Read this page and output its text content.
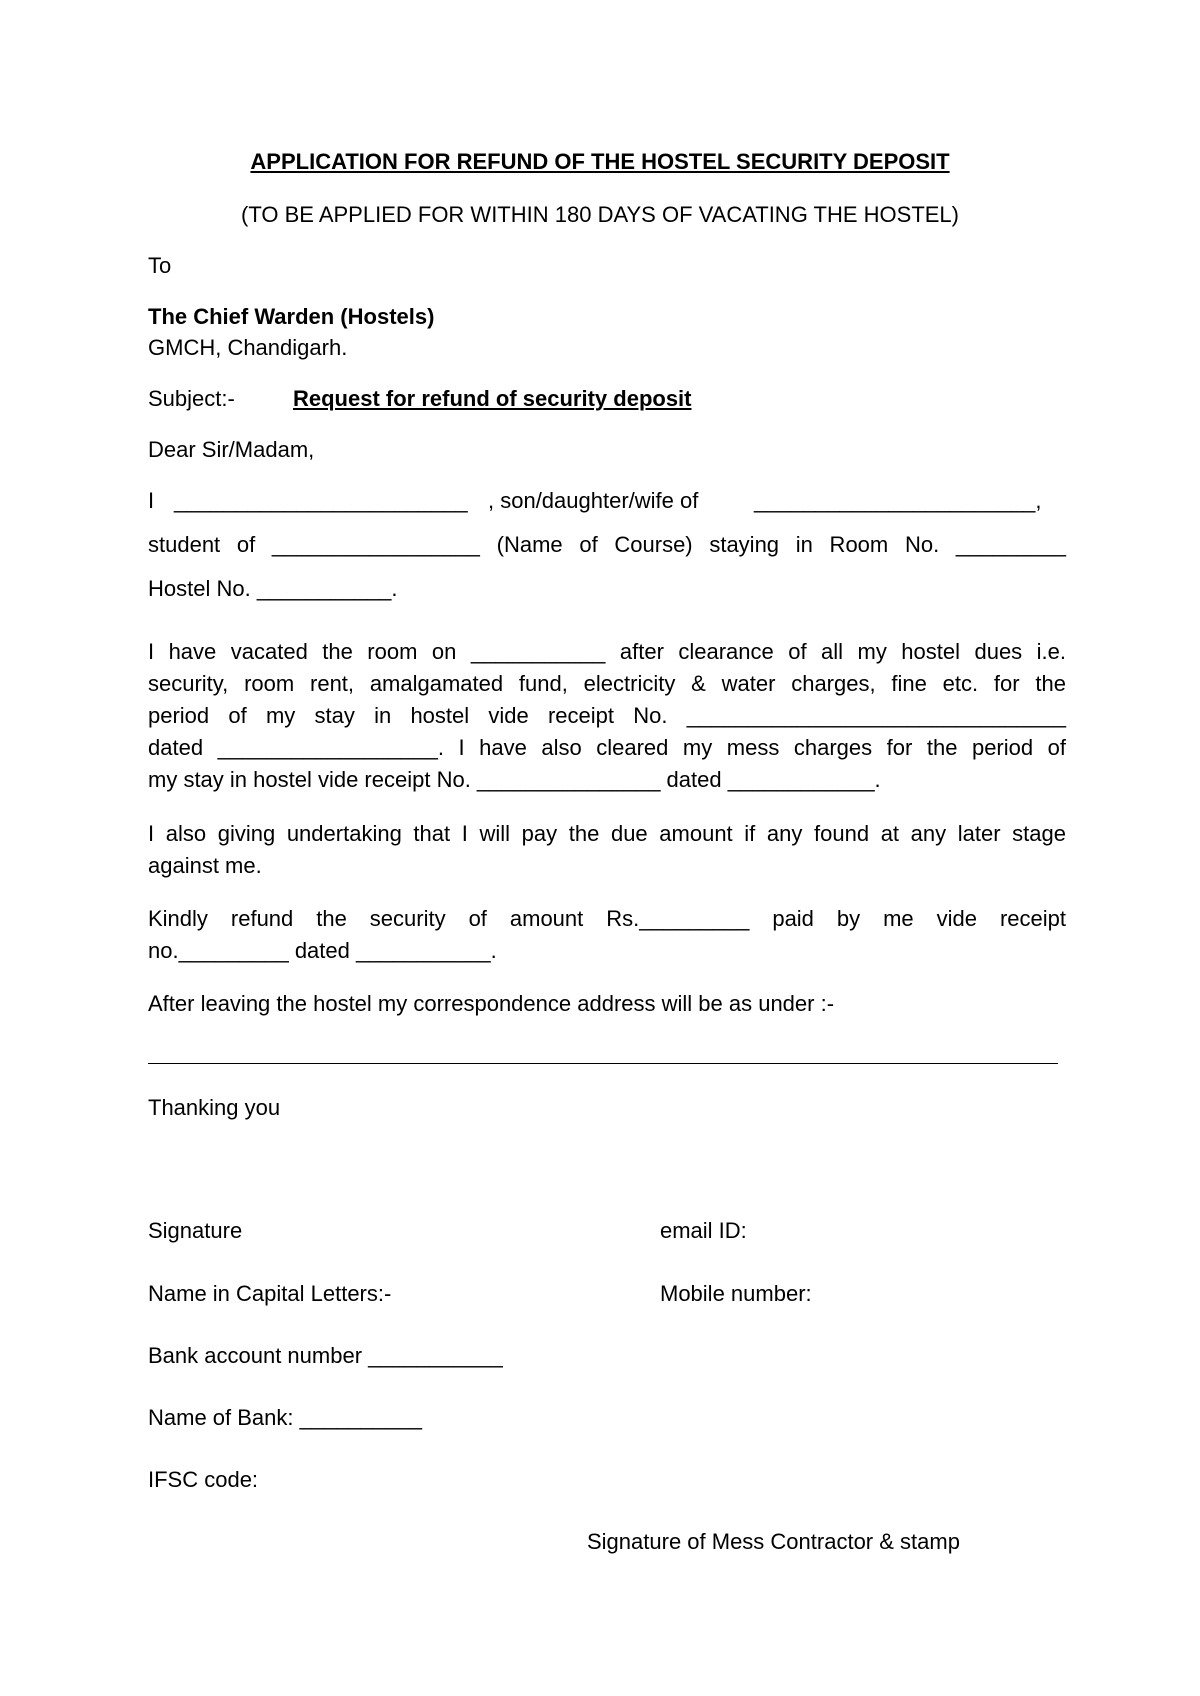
APPLICATION FOR REFUND OF THE HOSTEL SECURITY DEPOSIT
(TO BE APPLIED FOR WITHIN 180 DAYS OF VACATING THE HOSTEL)
To
The Chief Warden (Hostels)
GMCH, Chandigarh.
Subject:-	Request for refund of security deposit
Dear Sir/Madam,
I ________________________ , son/daughter/wife of	_______________________,
student of _________________ (Name of Course) staying in Room No. _________
Hostel No. ___________.
I have vacated the room on ___________ after clearance of all my hostel dues i.e.
security, room rent, amalgamated fund, electricity & water charges, fine etc. for the
period of my stay in hostel vide receipt No. _______________________________
dated __________________. I have also cleared my mess charges for the period of
my stay in hostel vide receipt No. _______________ dated ____________.
I also giving undertaking that I will pay the due amount if any found at any later stage
against me.
Kindly refund the security of amount Rs._________ paid by me vide receipt
no._________ dated ___________.
After leaving the hostel my correspondence address will be as under :-
Thanking you
Signature	email ID:
Name in Capital Letters:-	Mobile number:
Bank account number ___________
Name of Bank: __________
IFSC code:
Signature of Mess Contractor & stamp
